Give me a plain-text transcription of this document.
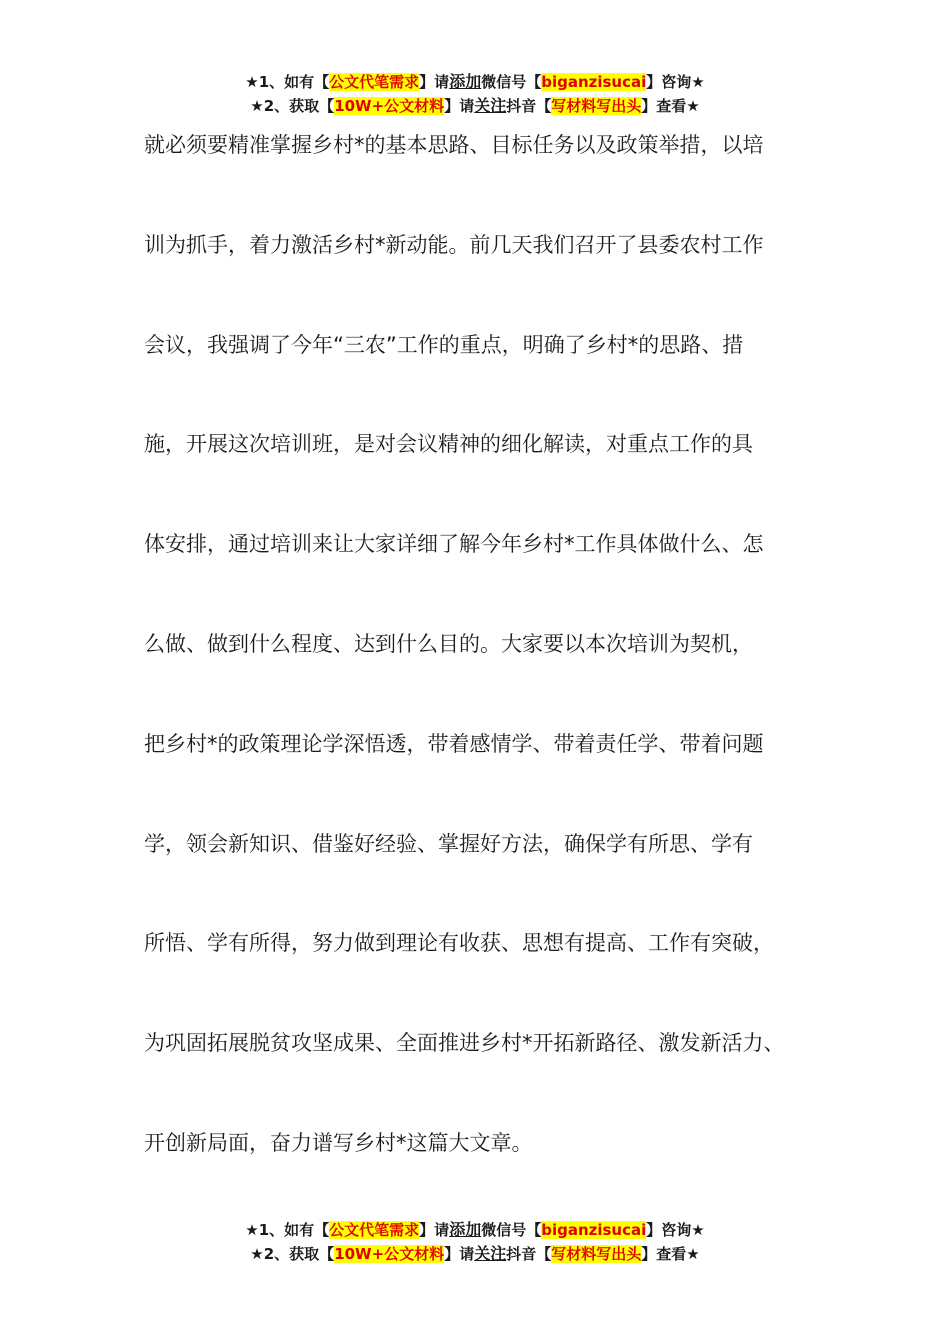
★1、如有【公文代笔需求】请添加微信号【biganzisucai】咨询★
★2、获取【10W+公文材料】请关注抖音【写材料写出头】查看★
就必须要精准掌握乡村*的基本思路、目标任务以及政策举措，以培
训为抓手，着力激活乡村*新动能。前几天我们召开了县委农村工作
会议，我强调了今年“三农”工作的重点，明确了乡村*的思路、措
施，开展这次培训班，是对会议精神的细化解读，对重点工作的具
体安排，通过培训来让大家详细了解今年乡村*工作具体做什么、怎
么做、做到什么程度、达到什么目的。大家要以本次培训为契机，
把乡村*的政策理论学深悟透，带着感情学、带着责任学、带着问题
学，领会新知识、借鉴好经验、掌握好方法，确保学有所思、学有
所悟、学有所得，努力做到理论有收获、思想有提高、工作有突破，
为巩固拓展脱贫攻坚成果、全面推进乡村*开拓新路径、激发新活力、
开创新局面，奋力谱写乡村*这篇大文章。
★1、如有【公文代笔需求】请添加微信号【biganzisucai】咨询★
★2、获取【10W+公文材料】请关注抖音【写材料写出头】查看★
